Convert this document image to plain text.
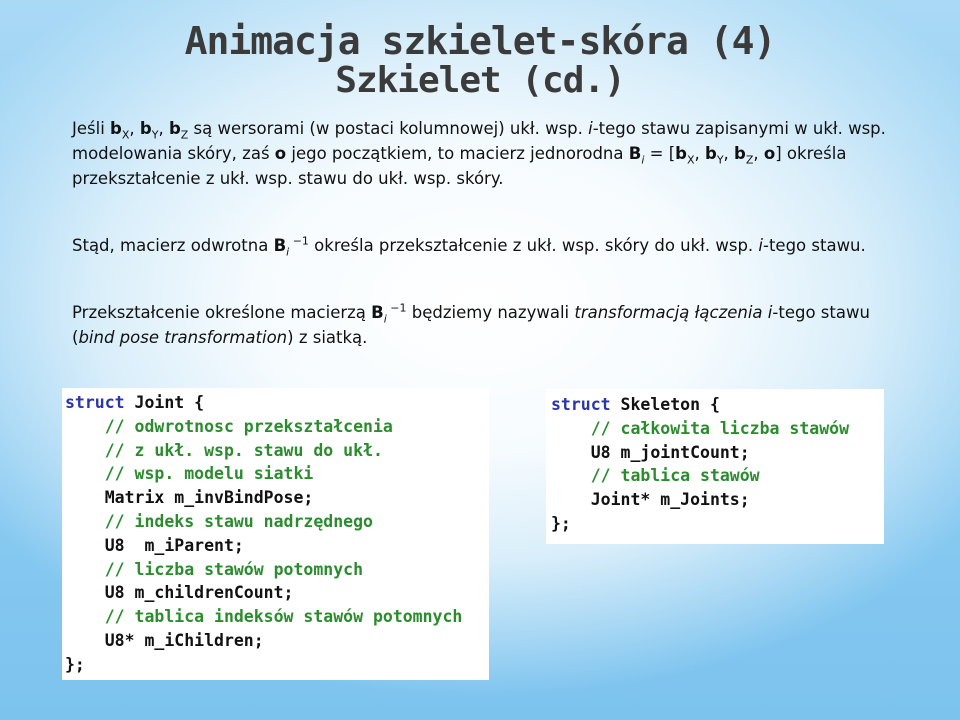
Animacja szkielet-skóra (4)
Szkielet (cd.)
Jeśli $b_X$, $b_Y$, $b_Z$ są wersorami (w postaci kolumnowej) ukł. wsp. i-tego stawu zapisanymi w ukł. wsp. modelowania skóry, zaś o jego początkiem, to macierz jednorodna $B_i = [b_X$, $b_Y$, $b_Z$, o] określa przekształcenie z ukł. wsp. stawu do ukł. wsp. skóry.
Stąd, macierz odwrotna $B_i$ $^{-1}$ określa przekształcenie z ukł. wsp. skóry do ukł. wsp. i-tego stawu.
Przekształcenie określone macierzą $B_i$ $^{-1}$ będziemy nazywali transformacją łączenia i-tego stawu (bind pose transformation) z siatką.
struct Joint {
// odwrotnosc przekształcenia
// z ukł. wsp. stawu do ukł.
// wsp. modelu siatki
Matrix m_invBindPose;
// indeks stawu nadrzędnego
U8  m_iParent;
// liczba stawów potomnych
U8 m_childrenCount;
// tablica indeksów stawów potomnych
U8* m_iChildren;
};
struct Skeleton {
// całkowita liczba stawów
U8 m_jointCount;
// tablica stawów
Joint* m_Joints;
};
